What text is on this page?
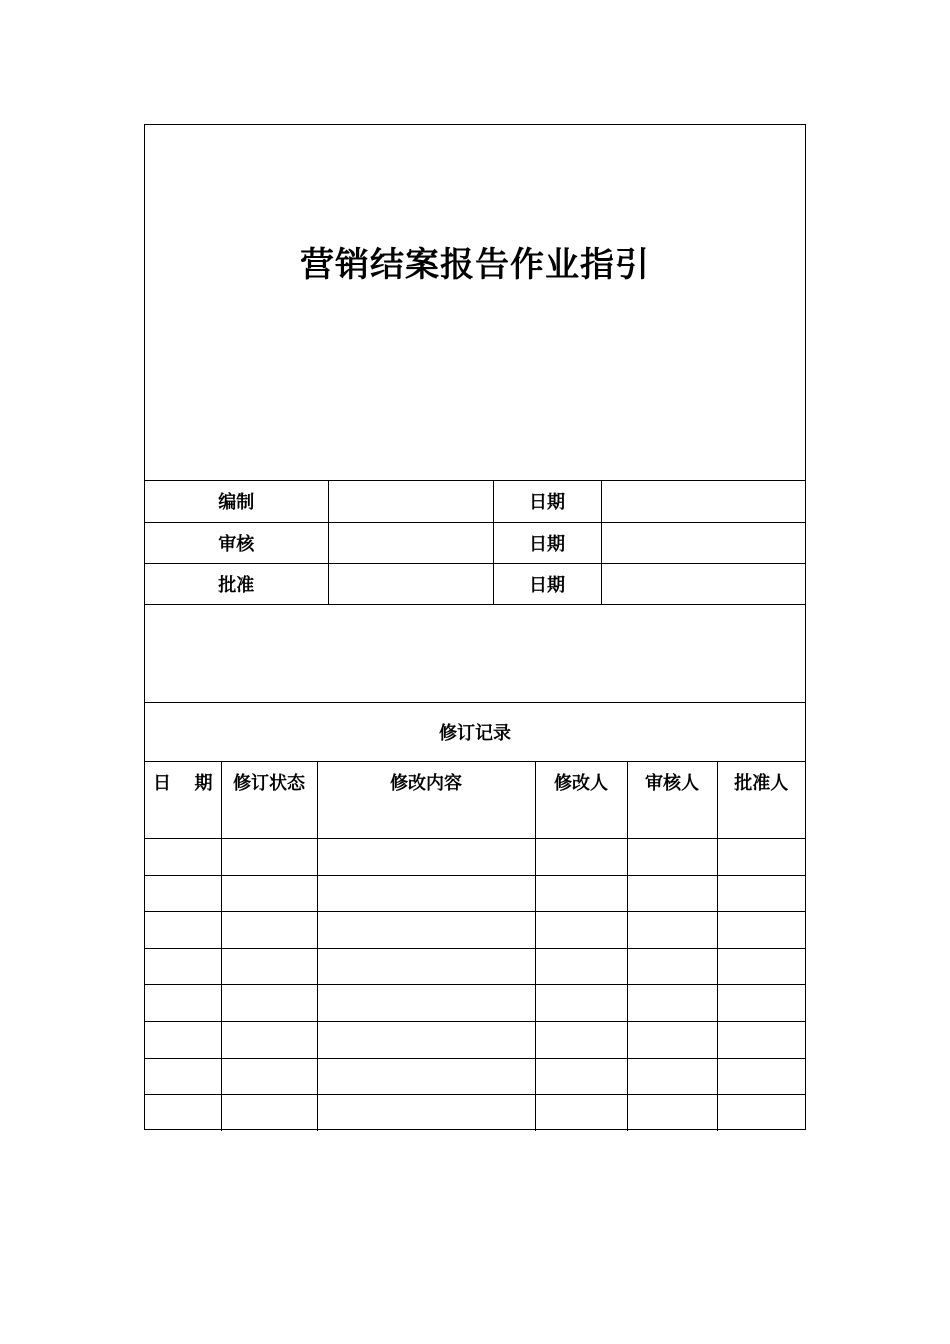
营销结案报告作业指引
编制		日期	
审核		日期	
批准		日期	
修订记录
日 期	修订状态	修改内容	修改人	审核人	批准人
